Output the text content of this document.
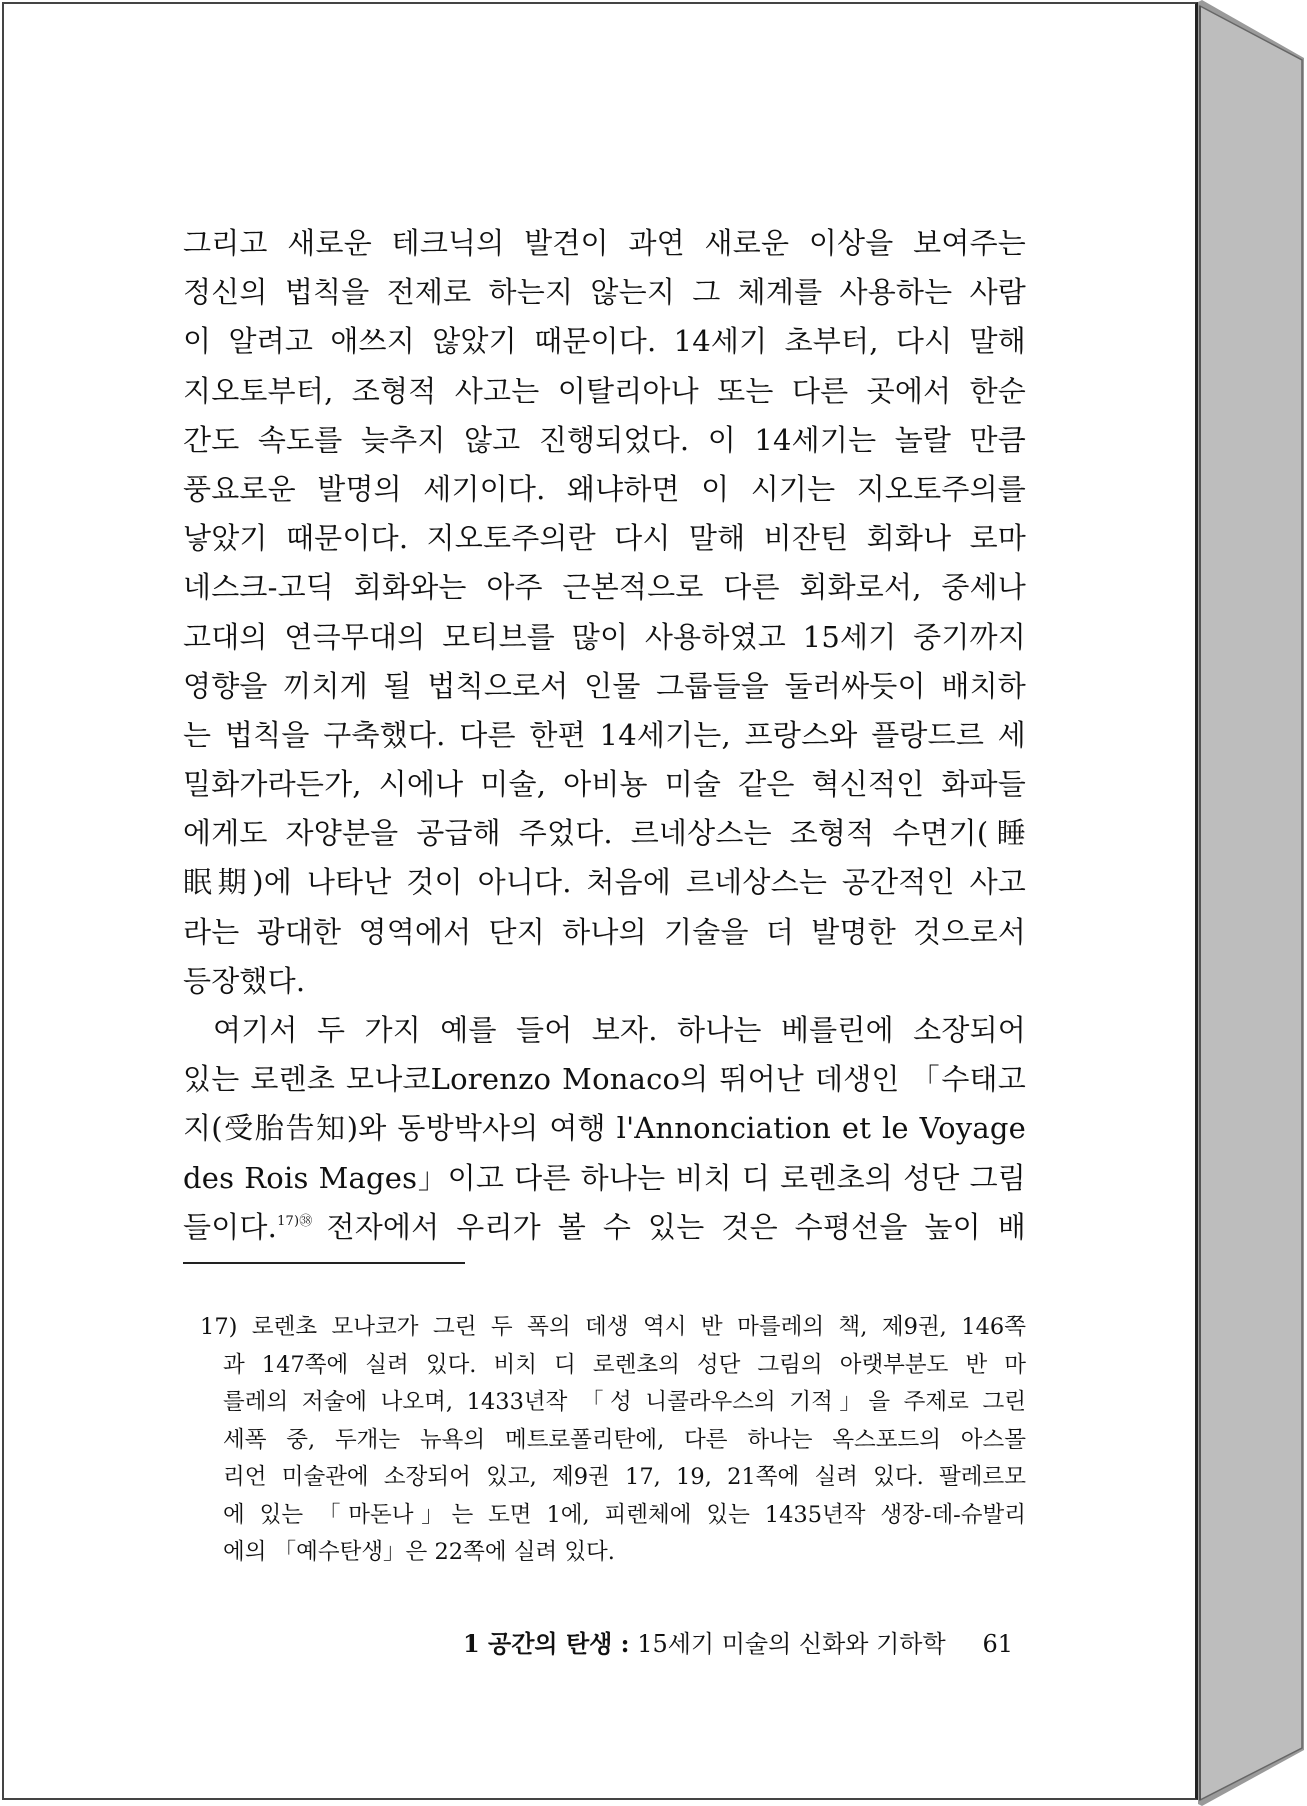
그리고 새로운 테크닉의 발견이 과연 새로운 이상을 보여주는
정신의 법칙을 전제로 하는지 않는지 그 체계를 사용하는 사람
이 알려고 애쓰지 않았기 때문이다. 14세기 초부터, 다시 말해
지오토부터, 조형적 사고는 이탈리아나 또는 다른 곳에서 한순
간도 속도를 늦추지 않고 진행되었다. 이 14세기는 놀랄 만큼
풍요로운 발명의 세기이다. 왜냐하면 이 시기는 지오토주의를
낳았기 때문이다. 지오토주의란 다시 말해 비잔틴 회화나 로마
네스크-고딕 회화와는 아주 근본적으로 다른 회화로서, 중세나
고대의 연극무대의 모티브를 많이 사용하였고 15세기 중기까지
영향을 끼치게 될 법칙으로서 인물 그룹들을 둘러싸듯이 배치하
는 법칙을 구축했다. 다른 한편 14세기는, 프랑스와 플랑드르 세
밀화가라든가, 시에나 미술, 아비뇽 미술 같은 혁신적인 화파들
에게도 자양분을 공급해 주었다. 르네상스는 조형적 수면기(睡
眠期)에 나타난 것이 아니다. 처음에 르네상스는 공간적인 사고
라는 광대한 영역에서 단지 하나의 기술을 더 발명한 것으로서
등장했다.
여기서 두 가지 예를 들어 보자. 하나는 베를린에 소장되어
있는 로렌초 모나코Lorenzo Monaco의 뛰어난 데생인 「수태고
지(受胎告知)와 동방박사의 여행 l'Annonciation et le Voyage
des Rois Mages」이고 다른 하나는 비치 디 로렌초의 성단 그림
들이다.$^{17)㊳}$ 전자에서 우리가 볼 수 있는 것은 수평선을 높이 배
17) 로렌초 모나코가 그린 두 폭의 데생 역시 반 마를레의 책, 제9권, 146쪽
과 147쪽에 실려 있다. 비치 디 로렌초의 성단 그림의 아랫부분도 반 마
를레의 저술에 나오며, 1433년작 「성 니콜라우스의 기적」을 주제로 그린
세폭 중, 두개는 뉴욕의 메트로폴리탄에, 다른 하나는 옥스포드의 아스몰
리언 미술관에 소장되어 있고, 제9권 17, 19, 21쪽에 실려 있다. 팔레르모
에 있는 「마돈나」는 도면 1에, 피렌체에 있는 1435년작 생장-데-슈발리
에의 「예수탄생」은 22쪽에 실려 있다.
1 공간의 탄생 : 15세기 미술의 신화와 기하학 61
